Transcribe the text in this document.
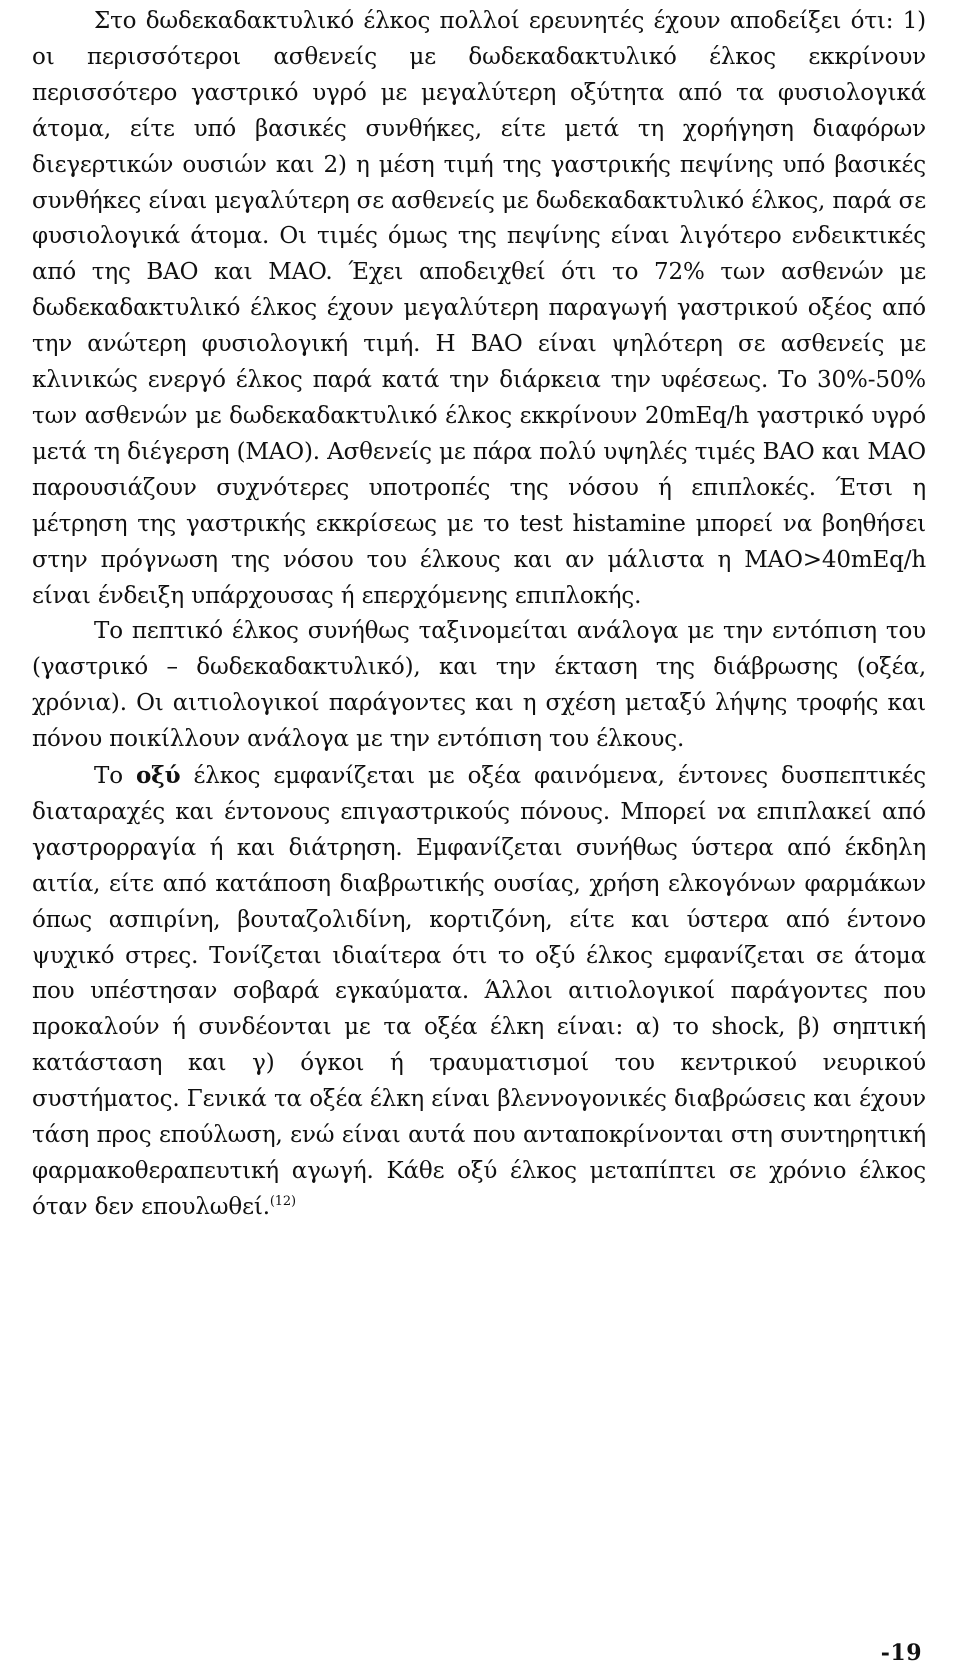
Στο δωδεκαδακτυλικό έλκος πολλοί ερευνητές έχουν αποδείξει ότι: 1) οι περισσότεροι ασθενείς με δωδεκαδακτυλικό έλκος εκκρίνουν περισσότερο γαστρικό υγρό με μεγαλύτερη οξύτητα από τα φυσιολογικά άτομα, είτε υπό βασικές συνθήκες, είτε μετά τη χορήγηση διαφόρων διεγερτικών ουσιών και 2) η μέση τιμή της γαστρικής πεψίνης υπό βασικές συνθήκες είναι μεγαλύτερη σε ασθενείς με δωδεκαδακτυλικό έλκος, παρά σε φυσιολογικά άτομα. Οι τιμές όμως της πεψίνης είναι λιγότερο ενδεικτικές από της BAO και MAO. Έχει αποδειχθεί ότι το 72% των ασθενών με δωδεκαδακτυλικό έλκος έχουν μεγαλύτερη παραγωγή γαστρικού οξέος από την ανώτερη φυσιολογική τιμή. Η BAO είναι ψηλότερη σε ασθενείς με κλινικώς ενεργό έλκος παρά κατά την διάρκεια την υφέσεως. Το 30%-50% των ασθενών με δωδεκαδακτυλικό έλκος εκκρίνουν 20mEq/h γαστρικό υγρό μετά τη διέγερση (MAO). Ασθενείς με πάρα πολύ υψηλές τιμές BAO και MAO παρουσιάζουν συχνότερες υποτροπές της νόσου ή επιπλοκές. Έτσι η μέτρηση της γαστρικής εκκρίσεως με το test histamine μπορεί να βοηθήσει στην πρόγνωση της νόσου του έλκους και αν μάλιστα η MAO>40mEq/h είναι ένδειξη υπάρχουσας ή επερχόμενης επιπλοκής.

Το πεπτικό έλκος συνήθως ταξινομείται ανάλογα με την εντόπιση του (γαστρικό – δωδεκαδακτυλικό), και την έκταση της διάβρωσης (οξέα, χρόνια). Οι αιτιολογικοί παράγοντες και η σχέση μεταξύ λήψης τροφής και πόνου ποικίλλουν ανάλογα με την εντόπιση του έλκους.

Το οξύ έλκος εμφανίζεται με οξέα φαινόμενα, έντονες δυσπεπτικές διαταραχές και έντονους επιγαστρικούς πόνους. Μπορεί να επιπλακεί από γαστρορραγία ή και διάτρηση. Εμφανίζεται συνήθως ύστερα από έκδηλη αιτία, είτε από κατάποση διαβρωτικής ουσίας, χρήση ελκογόνων φαρμάκων όπως ασπιρίνη, βουταζολιδίνη, κορτιζόνη, είτε και ύστερα από έντονο ψυχικό στρες. Τονίζεται ιδιαίτερα ότι το οξύ έλκος εμφανίζεται σε άτομα που υπέστησαν σοβαρά εγκαύματα. Άλλοι αιτιολογικοί παράγοντες που προκαλούν ή συνδέονται με τα οξέα έλκη είναι: α) το shock, β) σηπτική κατάσταση και γ) όγκοι ή τραυματισμοί του κεντρικού νευρικού συστήματος. Γενικά τα οξέα έλκη είναι βλεννογονικές διαβρώσεις και έχουν τάση προς επούλωση, ενώ είναι αυτά που ανταποκρίνονται στη συντηρητική φαρμακοθεραπευτική αγωγή. Κάθε οξύ έλκος μεταπίπτει σε χρόνιο έλκος όταν δεν επουλωθεί.$^{(12)}$

-19
